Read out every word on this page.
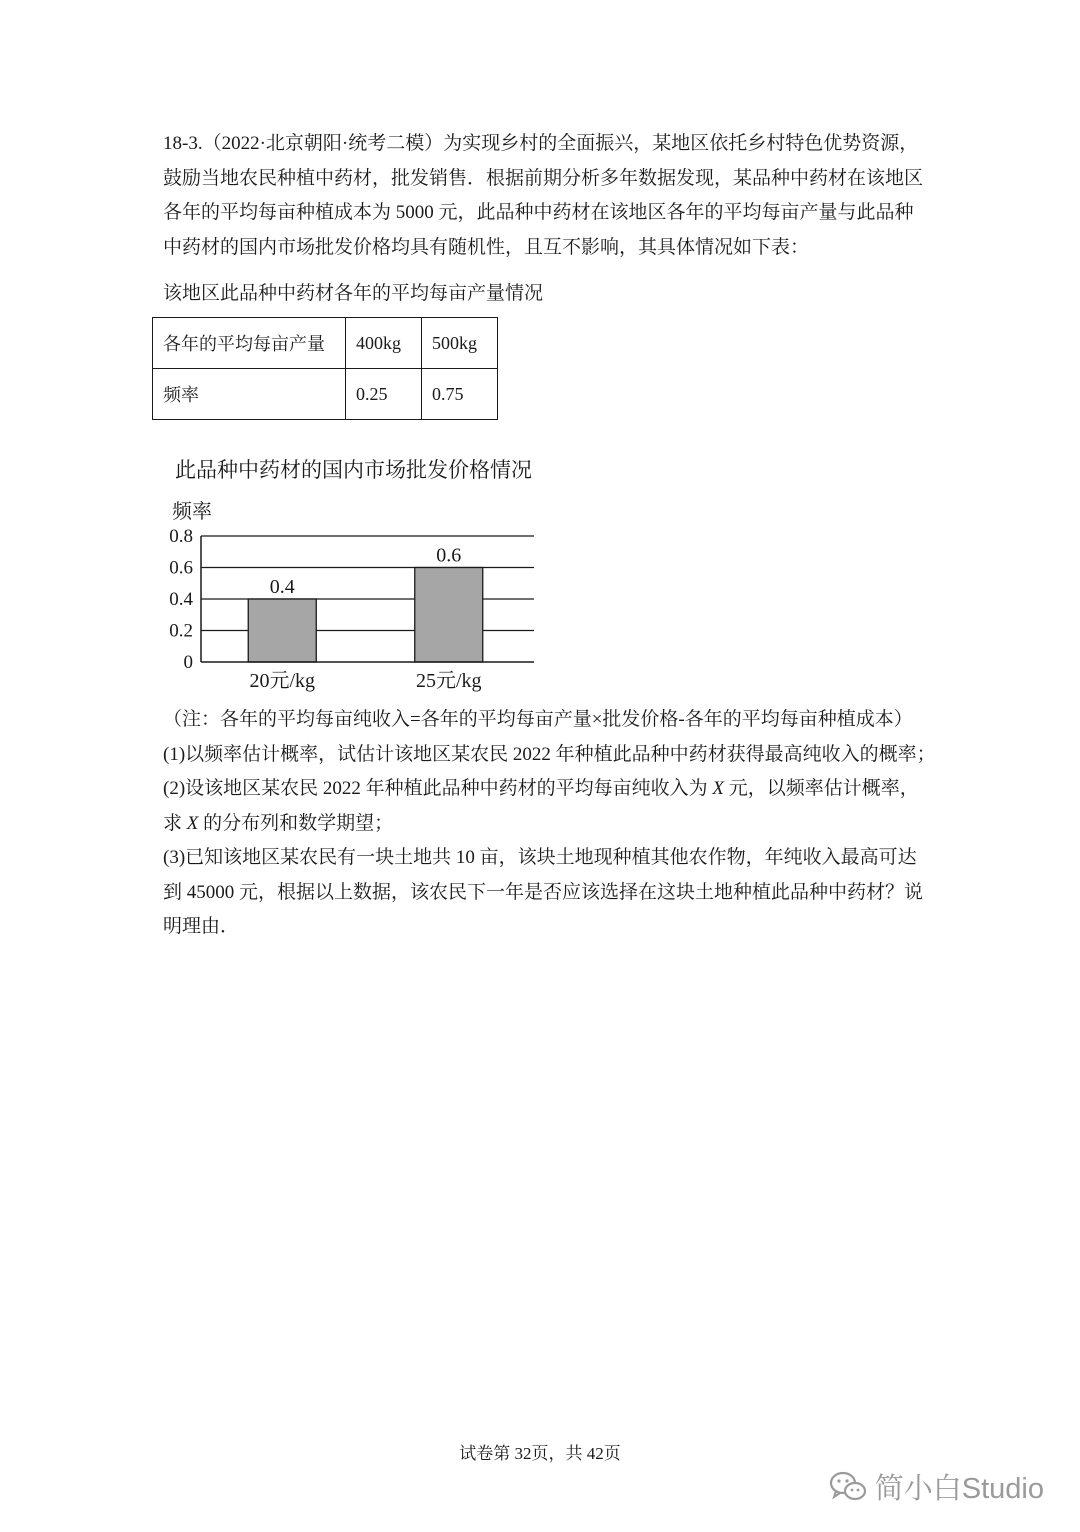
18-3.（2022·北京朝阳·统考二模）为实现乡村的全面振兴，某地区依托乡村特色优势资源，
鼓励当地农民种植中药材，批发销售．根据前期分析多年数据发现，某品种中药材在该地区
各年的平均每亩种植成本为 5000 元，此品种中药材在该地区各年的平均每亩产量与此品种
中药材的国内市场批发价格均具有随机性，且互不影响，其具体情况如下表：
该地区此品种中药材各年的平均每亩产量情况
各年的平均每亩产量	400kg	500kg
频率	0.25	0.75
此品种中药材的国内市场批发价格情况
频率
0
0.2
0.4
0.6
0.8
20元/kg	25元/kg
0.4
0.6
（注：各年的平均每亩纯收入=各年的平均每亩产量×批发价格-各年的平均每亩种植成本）
(1)以频率估计概率，试估计该地区某农民 2022 年种植此品种中药材获得最高纯收入的概率；
(2)设该地区某农民 2022 年种植此品种中药材的平均每亩纯收入为 X 元，以频率估计概率，
求 X 的分布列和数学期望；
(3)已知该地区某农民有一块土地共 10 亩，该块土地现种植其他农作物，年纯收入最高可达
到 45000 元，根据以上数据，该农民下一年是否应该选择在这块土地种植此品种中药材？说
明理由．
试卷第 32页，共 42页
简小白Studio
